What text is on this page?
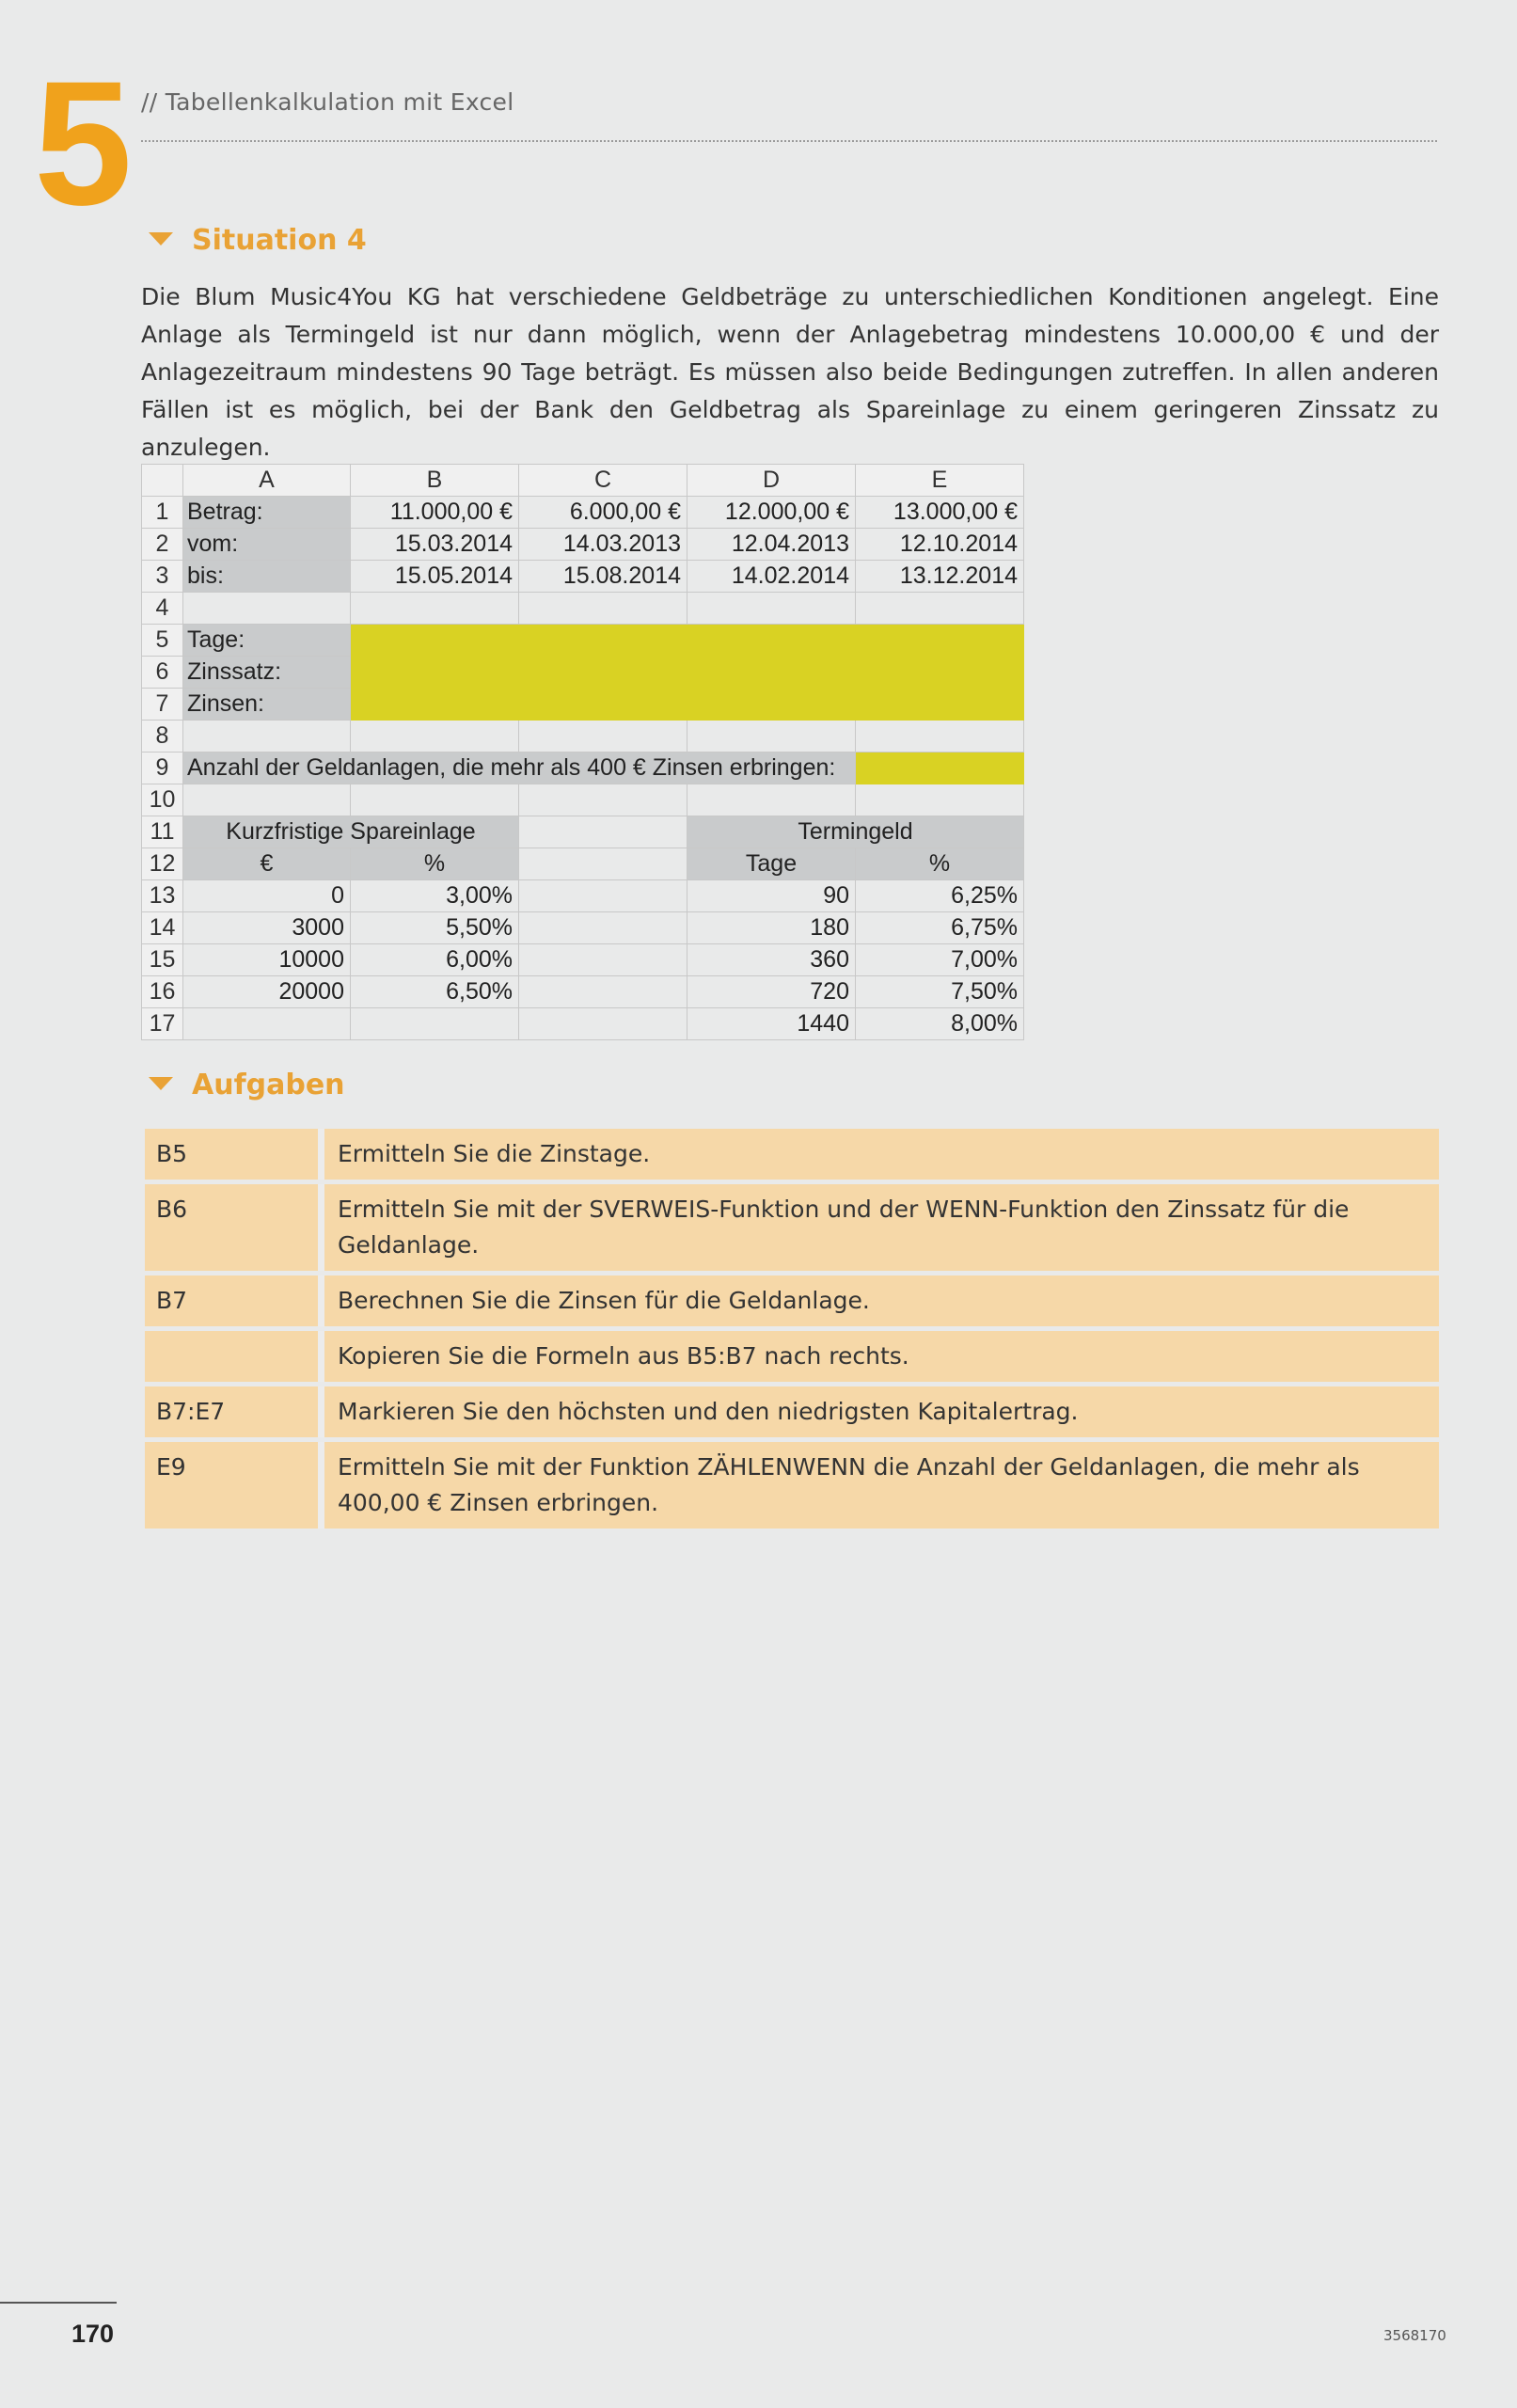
5 // Tabellenkalkulation mit Excel
Situation 4
Die Blum Music4You KG hat verschiedene Geldbeträge zu unterschiedlichen Konditionen angelegt. Eine Anlage als Termingeld ist nur dann möglich, wenn der Anlagebetrag mindestens 10.000,00 € und der Anlagezeitraum mindestens 90 Tage beträgt. Es müssen also beide Bedingungen zutreffen. In allen anderen Fällen ist es möglich, bei der Bank den Geldbetrag als Spareinlage zu einem geringeren Zinssatz zu anzulegen.
	A	B	C	D	E
1	Betrag:	11.000,00 €	6.000,00 €	12.000,00 €	13.000,00 €
2	vom:	15.03.2014	14.03.2013	12.04.2013	12.10.2014
3	bis:	15.05.2014	15.08.2014	14.02.2014	13.12.2014
4					
5	Tage:				
6	Zinssatz:				
7	Zinsen:				
8					
9	Anzahl der Geldanlagen, die mehr als 400 € Zinsen erbringen:				
10					
11	Kurzfristige Spareinlage			Termingeld	
12	€	%		Tage	%
13	0	3,00%		90	6,25%
14	3000	5,50%		180	6,75%
15	10000	6,00%		360	7,00%
16	20000	6,50%		720	7,50%
17				1440	8,00%
Aufgaben
B5	Ermitteln Sie die Zinstage.
B6	Ermitteln Sie mit der SVERWEIS-Funktion und der WENN-Funktion den Zinssatz für die Geldanlage.
B7	Berechnen Sie die Zinsen für die Geldanlage.
	Kopieren Sie die Formeln aus B5:B7 nach rechts.
B7:E7	Markieren Sie den höchsten und den niedrigsten Kapitalertrag.
E9	Ermitteln Sie mit der Funktion ZÄHLENWENN die Anzahl der Geldanlagen, die mehr als 400,00 € Zinsen erbringen.
170	3568170
